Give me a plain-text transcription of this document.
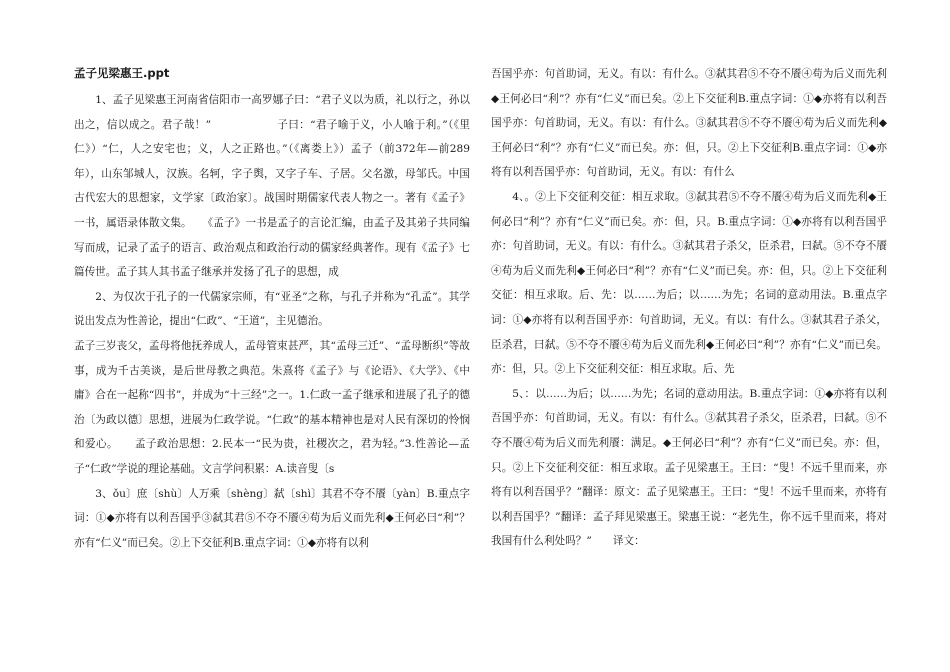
孟子见梁惠王.ppt

1、孟子见梁惠王河南省信阳市一高罗娜子曰：“君子义以为质，礼以行之，孙以出之，信以成之。君子哉！”　　　　　　子曰：“君子喻于义，小人喻于利。”（《里仁》）“仁，人之安宅也；义，人之正路也。”（《离娄上》）孟子（前372年—前289年），山东邹城人，汉族。名轲，字子舆，又字子车、子居。父名激，母邹氏。中国古代宏大的思想家，文学家〔政治家〕。战国时期儒家代表人物之一。著有《孟子》一书，属语录体散文集。　　《孟子》一书是孟子的言论汇编，由孟子及其弟子共同编写而成，记录了孟子的语言、政治观点和政治行动的儒家经典著作。现有《孟子》七篇传世。孟子其人其书孟子继承并发扬了孔子的思想，成

2、为仅次于孔子的一代儒家宗师，有“亚圣”之称，与孔子并称为“孔孟”。其学说出发点为性善论，提出“仁政”、“王道”，主见德治。

孟子三岁丧父，孟母将他抚养成人，孟母管束甚严，其“孟母三迁”、“孟母断织”等故事，成为千古美谈，是后世母教之典范。朱熹将《孟子》与《论语》、《大学》、《中庸》合在一起称“四书”，并成为“十三经”之一。1.仁政一孟子继承和进展了孔子的德治〔为政以德〕思想，进展为仁政学说。“仁政”的基本精神也是对人民有深切的怜悯和爱心。　　孟子政治思想：2.民本一“民为贵，社稷次之，君为轻。”3.性善论—孟子“仁政”学说的理论基础。文言学问积累：A.读音叟〔s

3、ǒu〕庶〔shù〕人万乘〔shèng〕弑〔shì〕其君不夺不餍〔yàn〕B.重点字词：①◆亦将有以利吾国乎③弑其君⑤不夺不餍④苟为后义而先利◆王何必曰“利”？亦有“仁义”而已矣。②上下交征利B.重点字词：①◆亦将有以利

吾国乎亦：句首助词，无义。有以：有什么。③弑其君⑤不夺不餍④苟为后义而先利◆王何必曰“利”？亦有“仁义”而已矣。②上下交征利B.重点字词：①◆亦将有以利吾国乎亦：句首助词，无义。有以：有什么。③弑其君⑤不夺不餍④苟为后义而先利◆王何必曰“利”？亦有“仁义”而已矣。亦：但，只。②上下交征利B.重点字词：①◆亦将有以利吾国乎亦：句首助词，无义。有以：有什么

4、。②上下交征利交征：相互求取。③弑其君⑤不夺不餍④苟为后义而先利◆王何必曰“利”？亦有“仁义”而已矣。亦：但，只。B.重点字词：①◆亦将有以利吾国乎亦：句首助词，无义。有以：有什么。③弑其君子杀父，臣杀君，曰弑。⑤不夺不餍④苟为后义而先利◆王何必曰“利”？亦有“仁义”而已矣。亦：但，只。②上下交征利交征：相互求取。后、先：以……为后；以……为先；名词的意动用法。B.重点字词：①◆亦将有以利吾国乎亦：句首助词，无义。有以：有什么。③弑其君子杀父，臣杀君，曰弑。⑤不夺不餍④苟为后义而先利◆王何必曰“利”？亦有“仁义”而已矣。亦：但，只。②上下交征利交征：相互求取。后、先

5、：以……为后；以……为先；名词的意动用法。B.重点字词：①◆亦将有以利吾国乎亦：句首助词，无义。有以：有什么。③弑其君子杀父，臣杀君，曰弑。⑤不夺不餍④苟为后义而先利餍：满足。◆王何必曰“利”？亦有“仁义”而已矣。亦：但，只。②上下交征利交征：相互求取。孟子见梁惠王。王曰：“叟！不远千里而来，亦将有以利吾国乎？”翻译：原文：孟子见梁惠王。王曰：“叟！不远千里而来，亦将有以利吾国乎？”翻译：孟子拜见梁惠王。梁惠王说：“老先生，你不远千里而来，将对我国有什么利处吗？”　　译文：
